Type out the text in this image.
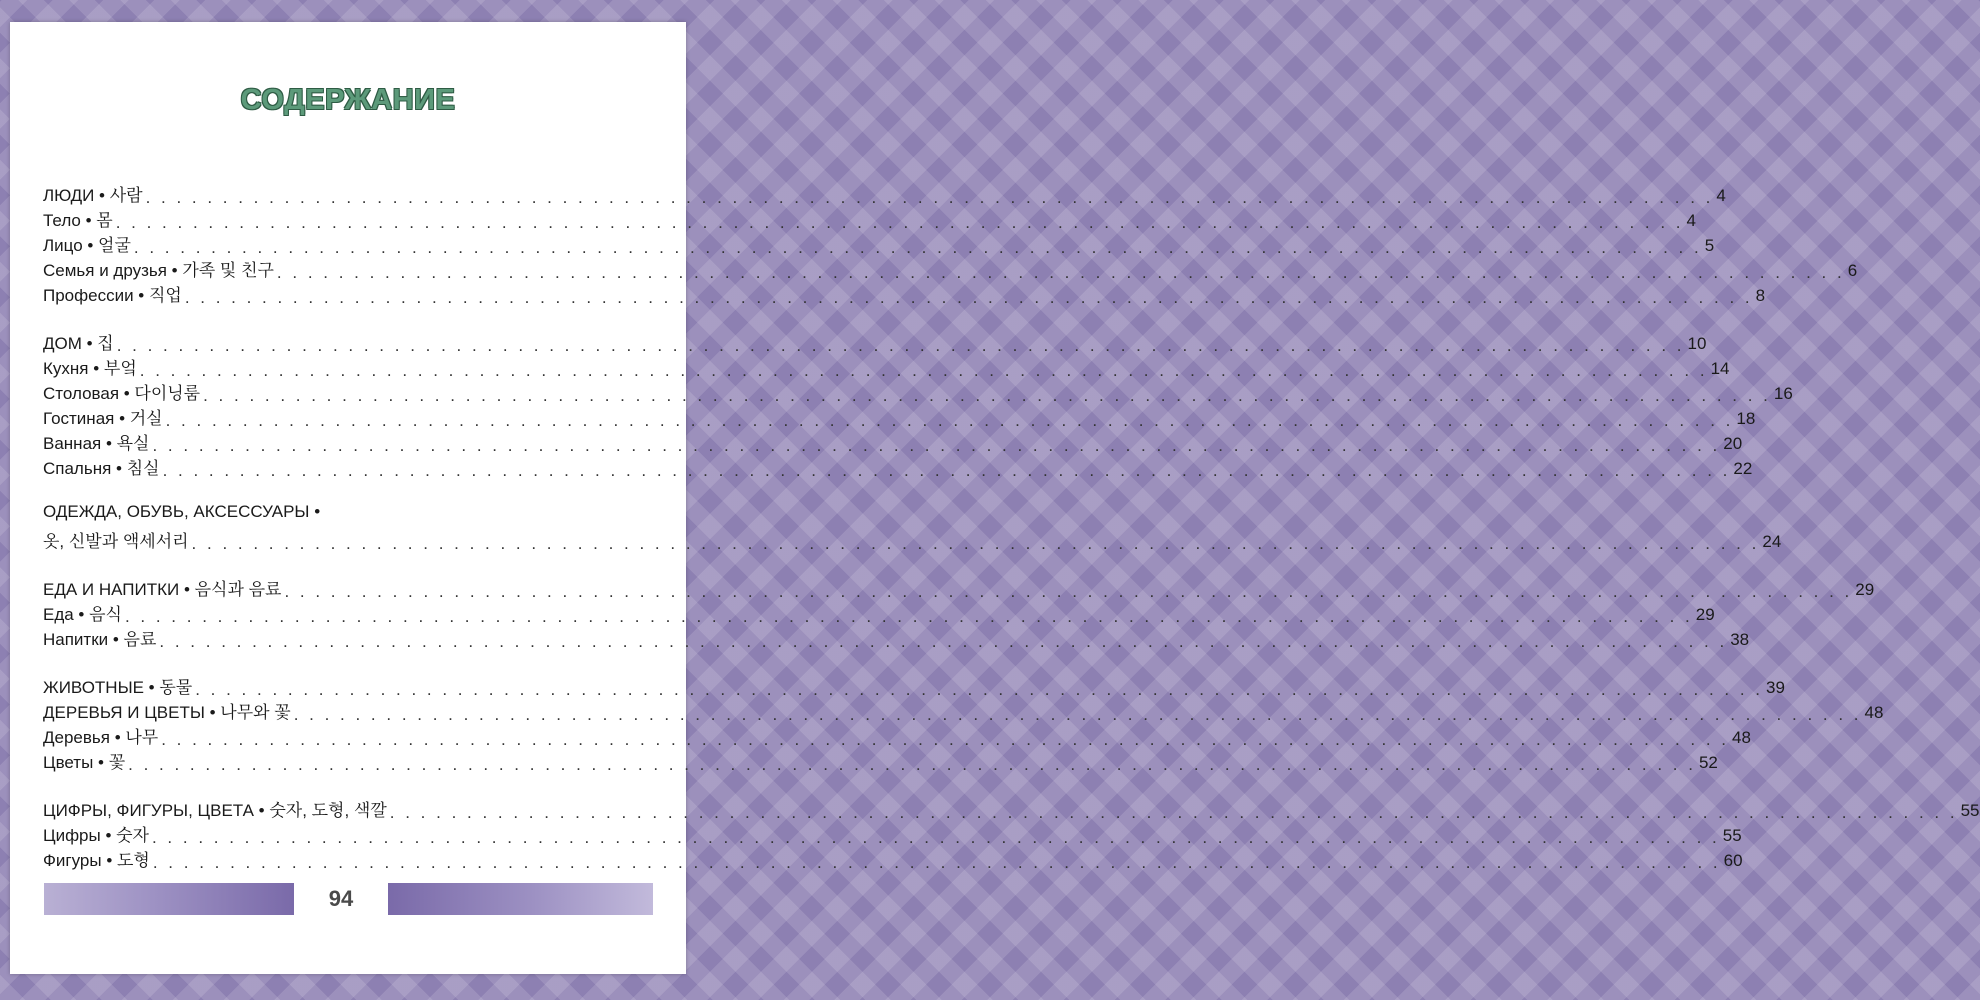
СОДЕРЖАНИЕ
ЛЮДИ • 사람 . . . . . . . . . . . . . . . . . . . . . . . . . . . . . . . . . . . . . . . . . . . . . . . . . . . . . . . . . . . . . . . . . . . . . . . . . . . . . . . . . . . . . . . . . . . . . . . . . . . . . . 4
Тело • 몸 . . . . . . . . . . . . . . . . . . . . . . . . . . . . . . . . . . . . . . . . . . . . . . . . . . . . . . . . . . . . . . . . . . . . . . . . . . . . . . . . . . . . . . . . . . . . . . . . . . . . . . 4
Лицо • 얼굴 . . . . . . . . . . . . . . . . . . . . . . . . . . . . . . . . . . . . . . . . . . . . . . . . . . . . . . . . . . . . . . . . . . . . . . . . . . . . . . . . . . . . . . . . . . . . . . . . . . . . . . 5
Семья и друзья • 가족 및 친구 . . . . . . . . . . . . . . . . . . . . . . . . . . . . . . . . . . . . . . . . . . . . . . . . . . . . . . . . . . . . . . . . . . . . . . . . . . . . . . . . . . . . . . . . . . . . . . . . . . . . . . 6
Профессии • 직업 . . . . . . . . . . . . . . . . . . . . . . . . . . . . . . . . . . . . . . . . . . . . . . . . . . . . . . . . . . . . . . . . . . . . . . . . . . . . . . . . . . . . . . . . . . . . . . . . . . . . . . 8
ДОМ • 집 . . . . . . . . . . . . . . . . . . . . . . . . . . . . . . . . . . . . . . . . . . . . . . . . . . . . . . . . . . . . . . . . . . . . . . . . . . . . . . . . . . . . . . . . . . . . . . . . . . . . . . 10
Кухня • 부엌 . . . . . . . . . . . . . . . . . . . . . . . . . . . . . . . . . . . . . . . . . . . . . . . . . . . . . . . . . . . . . . . . . . . . . . . . . . . . . . . . . . . . . . . . . . . . . . . . . . . . . . 14
Столовая • 다이닝룸 . . . . . . . . . . . . . . . . . . . . . . . . . . . . . . . . . . . . . . . . . . . . . . . . . . . . . . . . . . . . . . . . . . . . . . . . . . . . . . . . . . . . . . . . . . . . . . . . . . . . . . 16
Гостиная • 거실 . . . . . . . . . . . . . . . . . . . . . . . . . . . . . . . . . . . . . . . . . . . . . . . . . . . . . . . . . . . . . . . . . . . . . . . . . . . . . . . . . . . . . . . . . . . . . . . . . . . . . . 18
Ванная • 욕실 . . . . . . . . . . . . . . . . . . . . . . . . . . . . . . . . . . . . . . . . . . . . . . . . . . . . . . . . . . . . . . . . . . . . . . . . . . . . . . . . . . . . . . . . . . . . . . . . . . . . . . 20
Спальня • 침실 . . . . . . . . . . . . . . . . . . . . . . . . . . . . . . . . . . . . . . . . . . . . . . . . . . . . . . . . . . . . . . . . . . . . . . . . . . . . . . . . . . . . . . . . . . . . . . . . . . . . . . 22
ОДЕЖДА, ОБУВЬ, АКСЕССУАРЫ •
옷, 신발과 액세서리 . . . . . . . . . . . . . . . . . . . . . . . . . . . . . . . . . . . . . . . . . . . . . . . . . . . . . . . . . . . . . . . . . . . . . . . . . . . . . . . . . . . . . . . . . . . . . . . . . . . . . . 24
ЕДА И НАПИТКИ • 음식과 음료 . . . . . . . . . . . . . . . . . . . . . . . . . . . . . . . . . . . . . . . . . . . . . . . . . . . . . . . . . . . . . . . . . . . . . . . . . . . . . . . . . . . . . . . . . . . . . . . . . . . . . . 29
Еда • 음식 . . . . . . . . . . . . . . . . . . . . . . . . . . . . . . . . . . . . . . . . . . . . . . . . . . . . . . . . . . . . . . . . . . . . . . . . . . . . . . . . . . . . . . . . . . . . . . . . . . . . . . 29
Напитки • 음료 . . . . . . . . . . . . . . . . . . . . . . . . . . . . . . . . . . . . . . . . . . . . . . . . . . . . . . . . . . . . . . . . . . . . . . . . . . . . . . . . . . . . . . . . . . . . . . . . . . . . . . 38
ЖИВОТНЫЕ • 동물 . . . . . . . . . . . . . . . . . . . . . . . . . . . . . . . . . . . . . . . . . . . . . . . . . . . . . . . . . . . . . . . . . . . . . . . . . . . . . . . . . . . . . . . . . . . . . . . . . . . . . . 39
ДЕРЕВЬЯ И ЦВЕТЫ • 나무와 꽃 . . . . . . . . . . . . . . . . . . . . . . . . . . . . . . . . . . . . . . . . . . . . . . . . . . . . . . . . . . . . . . . . . . . . . . . . . . . . . . . . . . . . . . . . . . . . . . . . . . . . . . 48
Деревья • 나무 . . . . . . . . . . . . . . . . . . . . . . . . . . . . . . . . . . . . . . . . . . . . . . . . . . . . . . . . . . . . . . . . . . . . . . . . . . . . . . . . . . . . . . . . . . . . . . . . . . . . . . 48
Цветы • 꽃 . . . . . . . . . . . . . . . . . . . . . . . . . . . . . . . . . . . . . . . . . . . . . . . . . . . . . . . . . . . . . . . . . . . . . . . . . . . . . . . . . . . . . . . . . . . . . . . . . . . . . . 52
ЦИФРЫ, ФИГУРЫ, ЦВЕТА • 숫자, 도형, 색깔 . . . . . . . . . . . . . . . . . . . . . . . . . . . . . . . . . . . . . . . . . . . . . . . . . . . . . . . . . . . . . . . . . . . . . . . . . . . . . . . . . . . . . . . . . . . . . . . . . . . . . . 55
Цифры • 숫자 . . . . . . . . . . . . . . . . . . . . . . . . . . . . . . . . . . . . . . . . . . . . . . . . . . . . . . . . . . . . . . . . . . . . . . . . . . . . . . . . . . . . . . . . . . . . . . . . . . . . . . 55
Фигуры • 도형 . . . . . . . . . . . . . . . . . . . . . . . . . . . . . . . . . . . . . . . . . . . . . . . . . . . . . . . . . . . . . . . . . . . . . . . . . . . . . . . . . . . . . . . . . . . . . . . . . . . . . . 60
94
